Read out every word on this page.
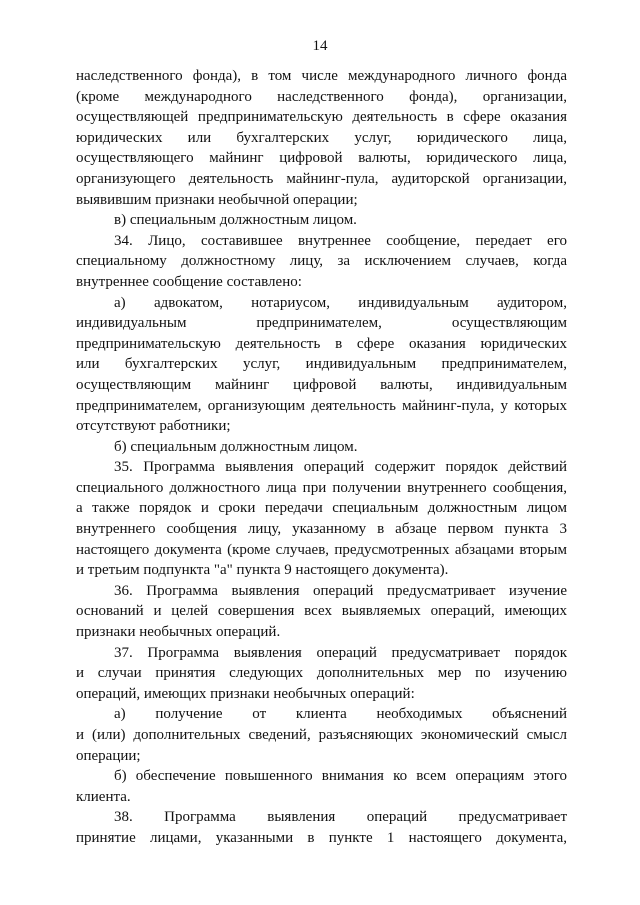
14

наследственного фонда), в том числе международного личного фонда
(кроме международного наследственного фонда), организации,
осуществляющей предпринимательскую деятельность в сфере оказания
юридических или бухгалтерских услуг, юридического лица,
осуществляющего майнинг цифровой валюты, юридического лица,
организующего деятельность майнинг-пула, аудиторской организации,
выявившим признаки необычной операции;

в) специальным должностным лицом.

34. Лицо, составившее внутреннее сообщение, передает его
специальному должностному лицу, за исключением случаев, когда
внутреннее сообщение составлено:

а) адвокатом, нотариусом, индивидуальным аудитором,
индивидуальным предпринимателем, осуществляющим
предпринимательскую деятельность в сфере оказания юридических
или бухгалтерских услуг, индивидуальным предпринимателем,
осуществляющим майнинг цифровой валюты, индивидуальным
предпринимателем, организующим деятельность майнинг-пула, у которых
отсутствуют работники;

б) специальным должностным лицом.

35. Программа выявления операций содержит порядок действий
специального должностного лица при получении внутреннего сообщения,
а также порядок и сроки передачи специальным должностным лицом
внутреннего сообщения лицу, указанному в абзаце первом пункта 3
настоящего документа (кроме случаев, предусмотренных абзацами вторым
и третьим подпункта "а" пункта 9 настоящего документа).

36. Программа выявления операций предусматривает изучение
оснований и целей совершения всех выявляемых операций, имеющих
признаки необычных операций.

37. Программа выявления операций предусматривает порядок
и случаи принятия следующих дополнительных мер по изучению
операций, имеющих признаки необычных операций:

а) получение от клиента необходимых объяснений
и (или) дополнительных сведений, разъясняющих экономический смысл
операции;

б) обеспечение повышенного внимания ко всем операциям этого
клиента.

38. Программа выявления операций предусматривает
принятие лицами, указанными в пункте 1 настоящего документа,
